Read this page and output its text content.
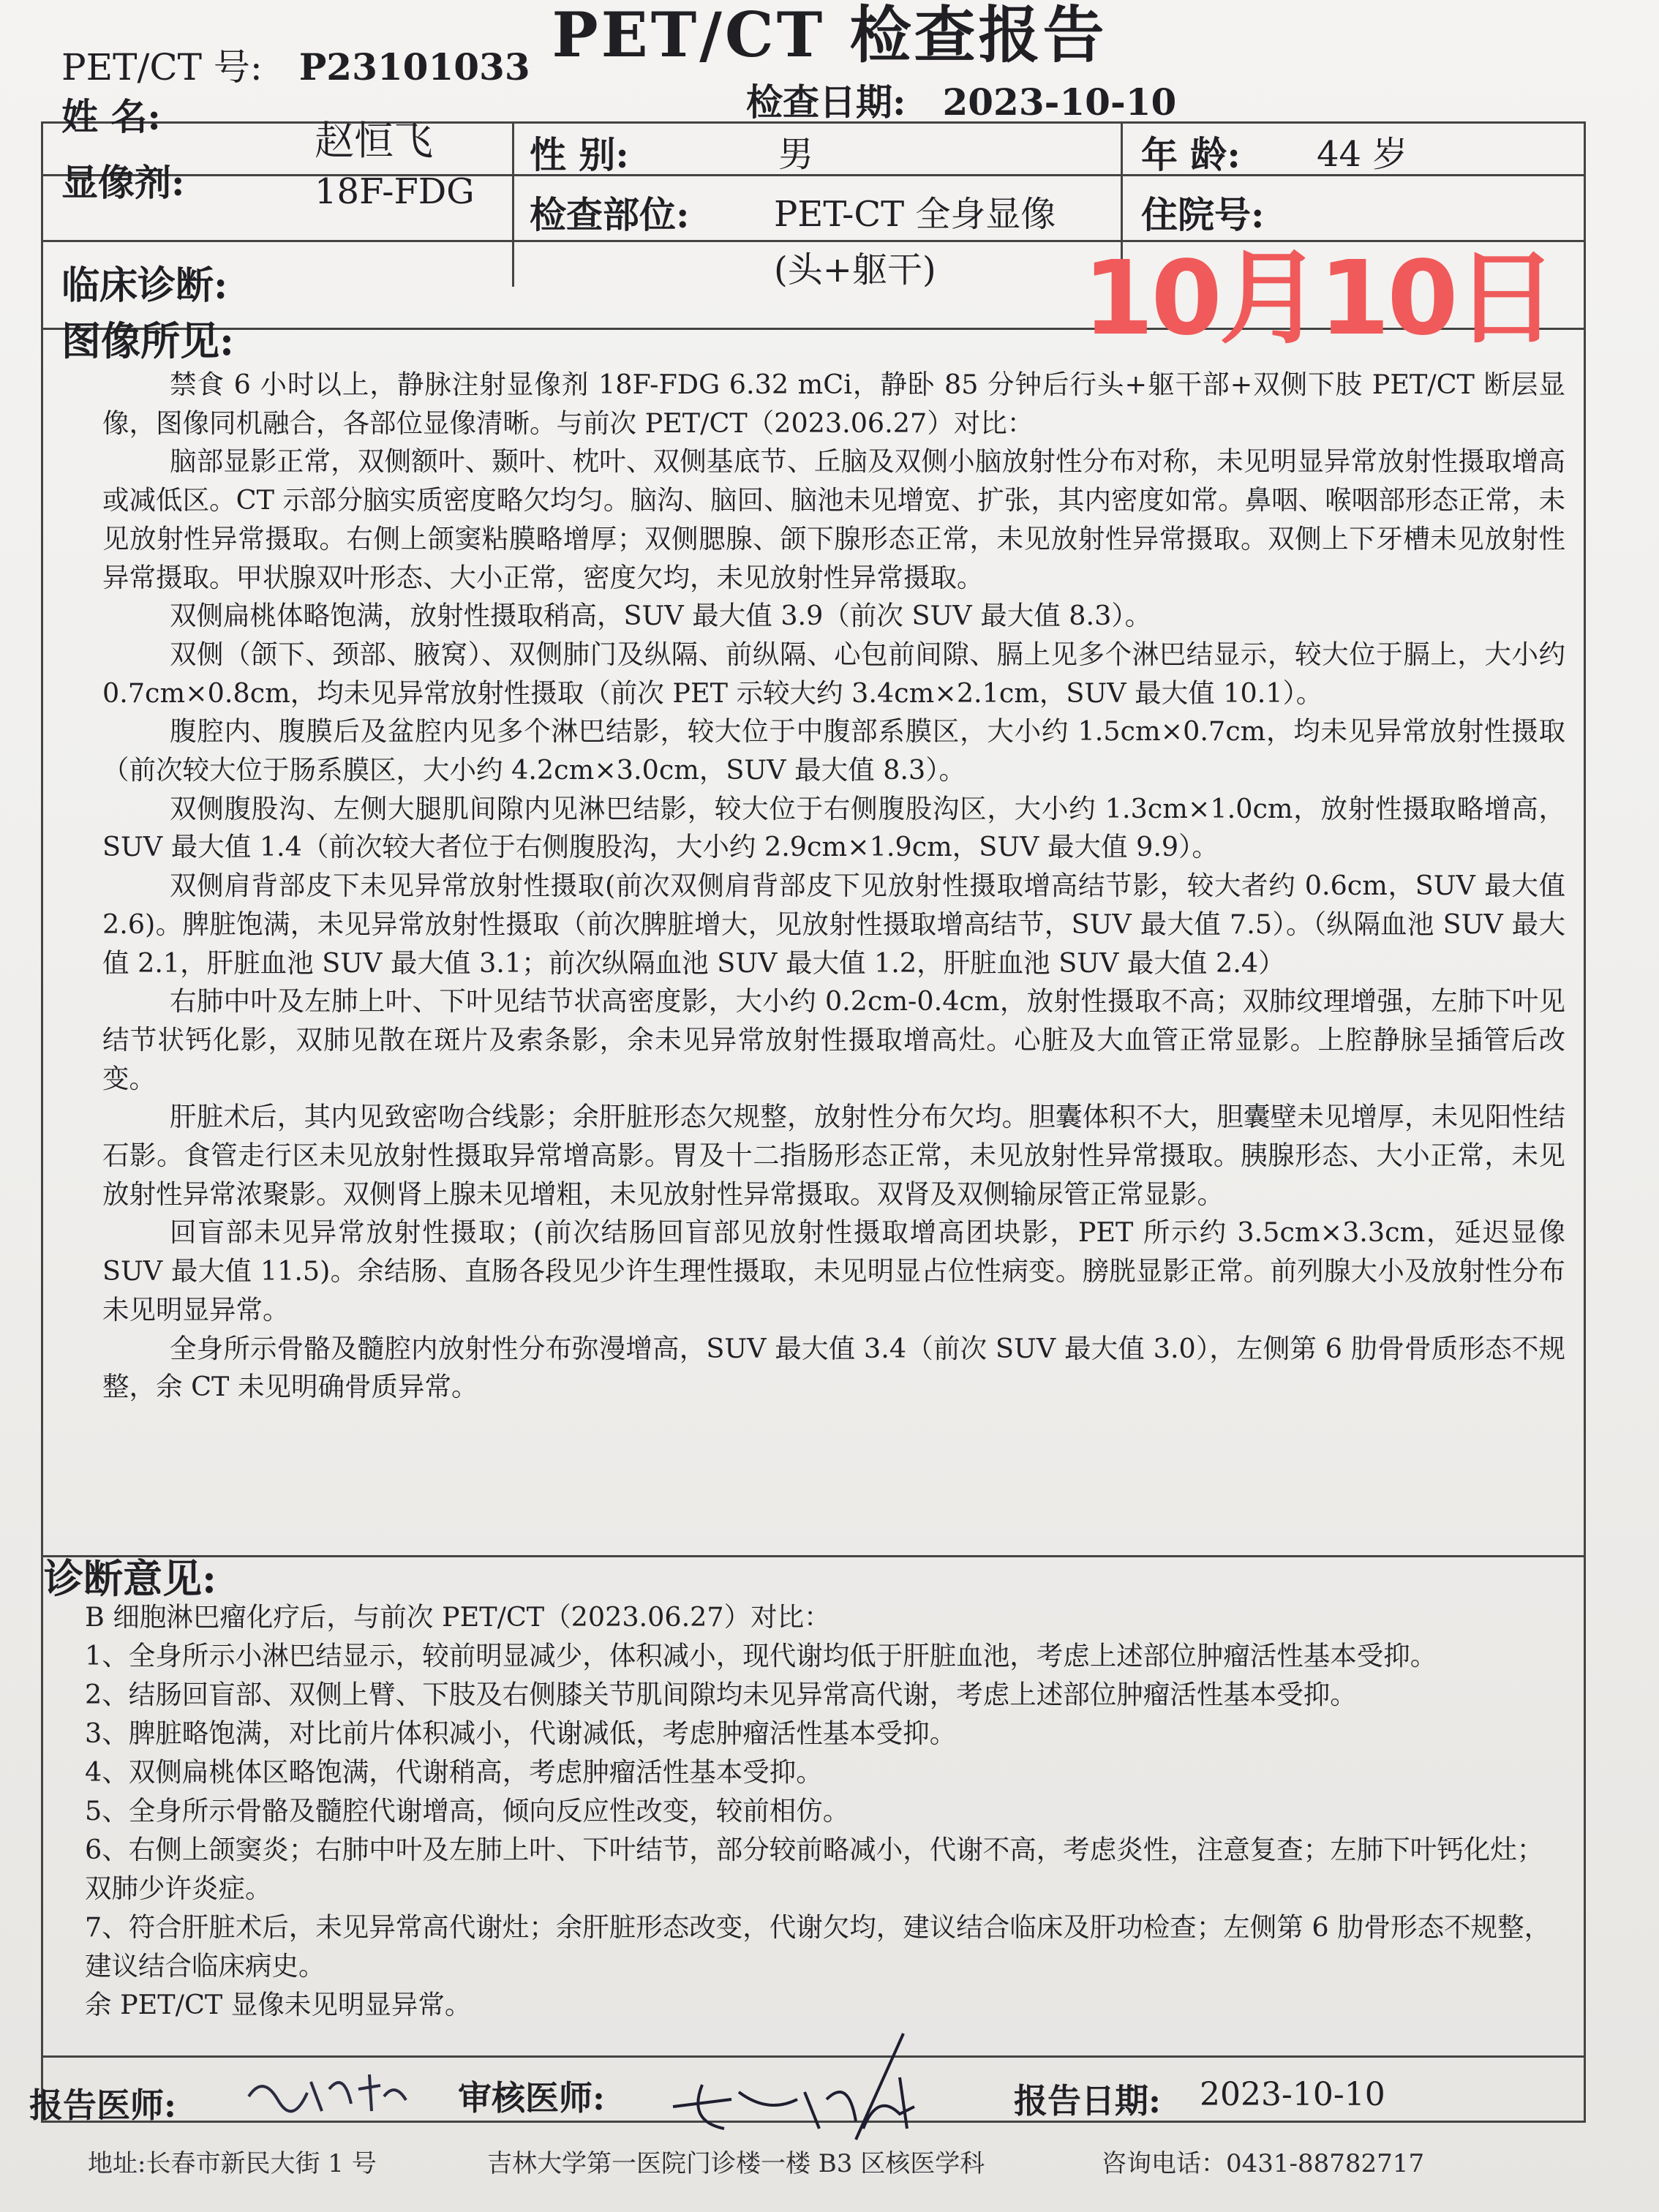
PET/CT 检查报告
PET/CT 号: P23101033
检查日期: 2023-10-10
姓 名:
赵恒飞	性 别:	男	年 龄: 44 岁
显像剂:	18F-FDG
检查部位: PET-CT 全身显像
(头+躯干)
住院号:
临床诊断:	10月10日
图像所见:

禁食 6 小时以上，静脉注射显像剂 18F-FDG 6.32 mCi，静卧 85 分钟后行头+躯干部+双侧下肢 PET/CT 断层显像，图像同机融合，各部位显像清晰。与前次 PET/CT（2023.06.27）对比：

脑部显影正常，双侧额叶、颞叶、枕叶、双侧基底节、丘脑及双侧小脑放射性分布对称，未见明显异常放射性摄取增高或减低区。CT 示部分脑实质密度略欠均匀。脑沟、脑回、脑池未见增宽、扩张，其内密度如常。鼻咽、喉咽部形态正常，未见放射性异常摄取。右侧上颌窦粘膜略增厚；双侧腮腺、颌下腺形态正常，未见放射性异常摄取。双侧上下牙槽未见放射性异常摄取。甲状腺双叶形态、大小正常，密度欠均，未见放射性异常摄取。

双侧扁桃体略饱满，放射性摄取稍高，SUV 最大值 3.9（前次 SUV 最大值 8.3）。

双侧（颌下、颈部、腋窝）、双侧肺门及纵隔、前纵隔、心包前间隙、膈上见多个淋巴结显示，较大位于膈上，大小约 0.7cm×0.8cm，均未见异常放射性摄取（前次 PET 示较大约 3.4cm×2.1cm，SUV 最大值 10.1）。

腹腔内、腹膜后及盆腔内见多个淋巴结影，较大位于中腹部系膜区，大小约 1.5cm×0.7cm，均未见异常放射性摄取（前次较大位于肠系膜区，大小约 4.2cm×3.0cm，SUV 最大值 8.3）。

双侧腹股沟、左侧大腿肌间隙内见淋巴结影，较大位于右侧腹股沟区，大小约 1.3cm×1.0cm，放射性摄取略增高，SUV 最大值 1.4（前次较大者位于右侧腹股沟，大小约 2.9cm×1.9cm，SUV 最大值 9.9）。

双侧肩背部皮下未见异常放射性摄取(前次双侧肩背部皮下见放射性摄取增高结节影，较大者约 0.6cm，SUV 最大值 2.6)。脾脏饱满，未见异常放射性摄取（前次脾脏增大，见放射性摄取增高结节，SUV 最大值 7.5）。（纵隔血池 SUV 最大值 2.1，肝脏血池 SUV 最大值 3.1；前次纵隔血池 SUV 最大值 1.2，肝脏血池 SUV 最大值 2.4）

右肺中叶及左肺上叶、下叶见结节状高密度影，大小约 0.2cm-0.4cm，放射性摄取不高；双肺纹理增强，左肺下叶见结节状钙化影，双肺见散在斑片及索条影，余未见异常放射性摄取增高灶。心脏及大血管正常显影。上腔静脉呈插管后改变。

肝脏术后，其内见致密吻合线影；余肝脏形态欠规整，放射性分布欠均。胆囊体积不大，胆囊壁未见增厚，未见阳性结石影。食管走行区未见放射性摄取异常增高影。胃及十二指肠形态正常，未见放射性异常摄取。胰腺形态、大小正常，未见放射性异常浓聚影。双侧肾上腺未见增粗，未见放射性异常摄取。双肾及双侧输尿管正常显影。

回盲部未见异常放射性摄取；(前次结肠回盲部见放射性摄取增高团块影，PET 所示约 3.5cm×3.3cm，延迟显像 SUV 最大值 11.5)。余结肠、直肠各段见少许生理性摄取，未见明显占位性病变。膀胱显影正常。前列腺大小及放射性分布未见明显异常。

全身所示骨骼及髓腔内放射性分布弥漫增高，SUV 最大值 3.4（前次 SUV 最大值 3.0），左侧第 6 肋骨骨质形态不规整，余 CT 未见明确骨质异常。

诊断意见:

B 细胞淋巴瘤化疗后，与前次 PET/CT（2023.06.27）对比：

1、全身所示小淋巴结显示，较前明显减少，体积减小，现代谢均低于肝脏血池，考虑上述部位肿瘤活性基本受抑。

2、结肠回盲部、双侧上臂、下肢及右侧膝关节肌间隙均未见异常高代谢，考虑上述部位肿瘤活性基本受抑。

3、脾脏略饱满，对比前片体积减小，代谢减低，考虑肿瘤活性基本受抑。

4、双侧扁桃体区略饱满，代谢稍高，考虑肿瘤活性基本受抑。

5、全身所示骨骼及髓腔代谢增高，倾向反应性改变，较前相仿。

6、右侧上颌窦炎；右肺中叶及左肺上叶、下叶结节，部分较前略减小，代谢不高，考虑炎性，注意复查；左肺下叶钙化灶；双肺少许炎症。

7、符合肝脏术后，未见异常高代谢灶；余肝脏形态改变，代谢欠均，建议结合临床及肝功检查；左侧第 6 肋骨形态不规整，建议结合临床病史。

余 PET/CT 显像未见明显异常。

报告医师:	审核医师:	报告日期: 2023-10-10
地址:长春市新民大街 1 号	吉林大学第一医院门诊楼一楼 B3 区核医学科	咨询电话：0431-88782717
